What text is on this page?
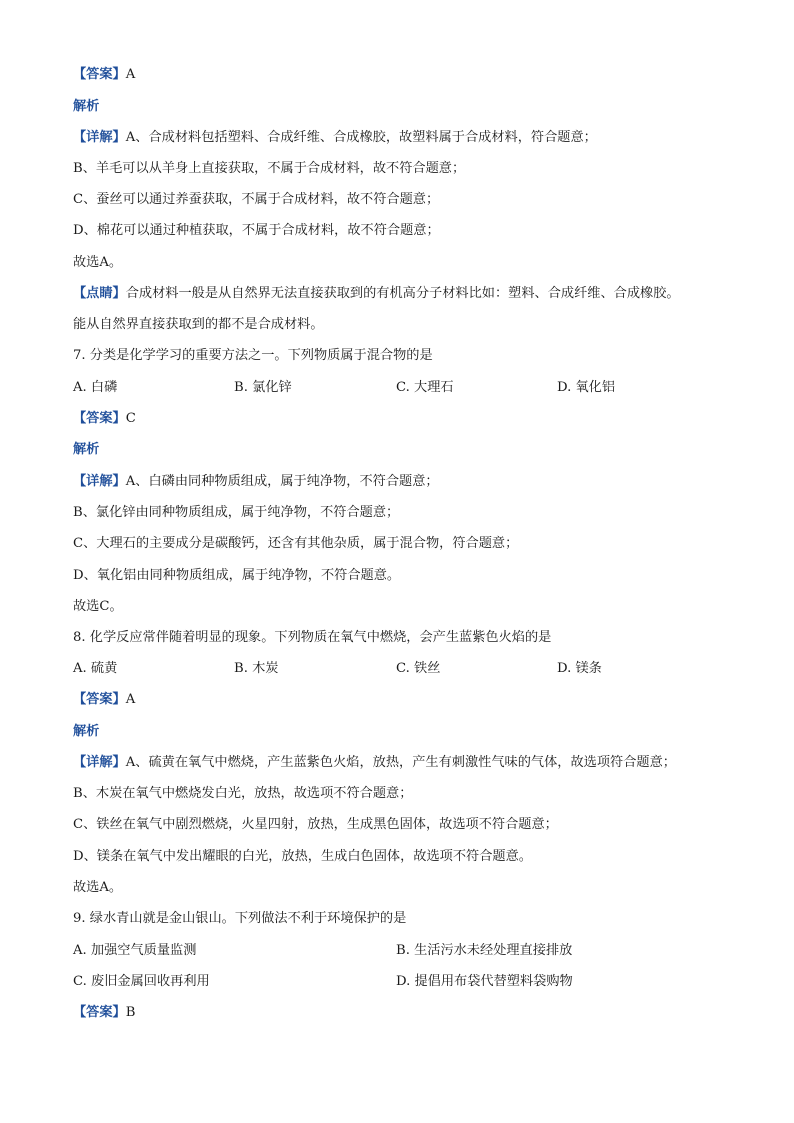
【答案】A
解析
【详解】A、合成材料包括塑料、合成纤维、合成橡胶，故塑料属于合成材料，符合题意；
B、羊毛可以从羊身上直接获取，不属于合成材料，故不符合题意；
C、蚕丝可以通过养蚕获取，不属于合成材料，故不符合题意；
D、棉花可以通过种植获取，不属于合成材料，故不符合题意；
故选A。
【点睛】合成材料一般是从自然界无法直接获取到的有机高分子材料比如：塑料、合成纤维、合成橡胶。
能从自然界直接获取到的都不是合成材料。
7. 分类是化学学习的重要方法之一。下列物质属于混合物的是
A. 白磷	B. 氯化锌	C. 大理石	D. 氧化铝
【答案】C
解析
【详解】A、白磷由同种物质组成，属于纯净物，不符合题意；
B、氯化锌由同种物质组成，属于纯净物，不符合题意；
C、大理石的主要成分是碳酸钙，还含有其他杂质，属于混合物，符合题意；
D、氧化铝由同种物质组成，属于纯净物，不符合题意。
故选C。
8. 化学反应常伴随着明显的现象。下列物质在氧气中燃烧，会产生蓝紫色火焰的是
A. 硫黄	B. 木炭	C. 铁丝	D. 镁条
【答案】A
解析
【详解】A、硫黄在氧气中燃烧，产生蓝紫色火焰，放热，产生有刺激性气味的气体，故选项符合题意；
B、木炭在氧气中燃烧发白光，放热，故选项不符合题意；
C、铁丝在氧气中剧烈燃烧，火星四射，放热，生成黑色固体，故选项不符合题意；
D、镁条在氧气中发出耀眼的白光，放热，生成白色固体，故选项不符合题意。
故选A。
9. 绿水青山就是金山银山。下列做法不利于环境保护的是
A. 加强空气质量监测	B. 生活污水未经处理直接排放
C. 废旧金属回收再利用	D. 提倡用布袋代替塑料袋购物
【答案】B
